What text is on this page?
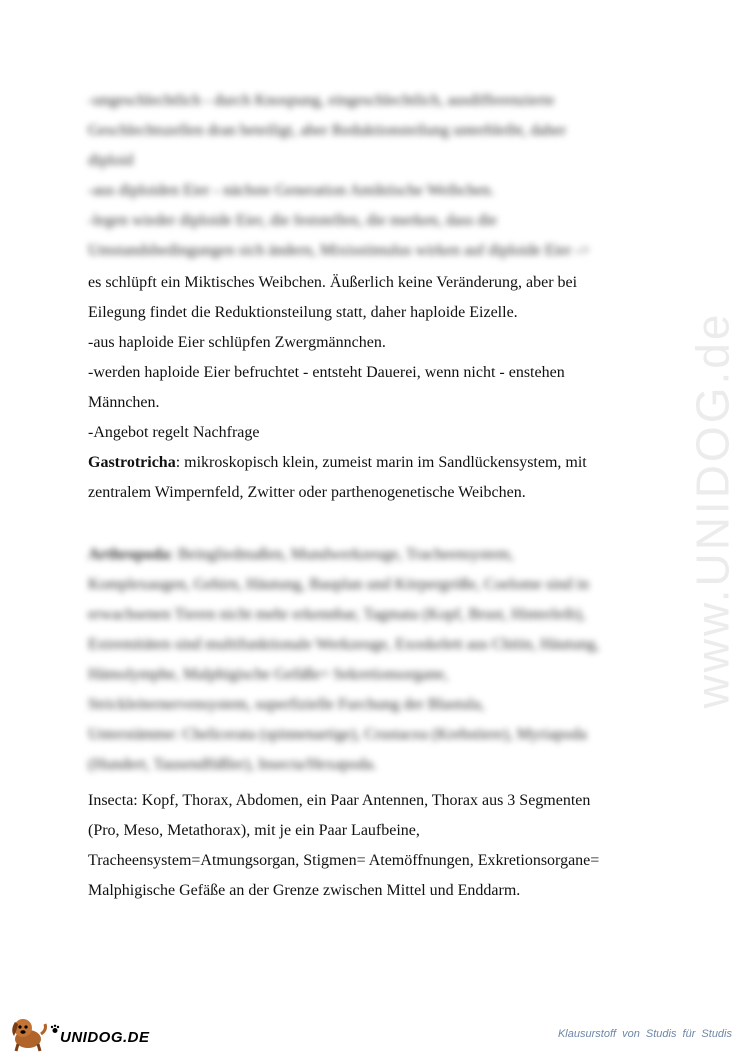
-ungeschlechtlich - durch Knospung, eingeschlechtlich, ausdifferenzierte
Geschlechtszellen dran beteiligt, aber Reduktionsteilung unterbleibt, daher
diploid
-aus diploiden Eier - nächste Generation Amiktische Weibchen.
-legen wieder diploide Eier, die feststellen, die merken, dass die
Umstandsbedingungen sich ändern, Mixisstimulus wirken auf diploide Eier ->
es schlüpft ein Miktisches Weibchen. Äußerlich keine Veränderung, aber bei
Eilegung findet die Reduktionsteilung statt, daher haploide Eizelle.
-aus haploide Eier schlüpfen Zwergmännchen.
-werden haploide Eier befruchtet - entsteht Dauerei, wenn nicht - enstehen
Männchen.
-Angebot regelt Nachfrage
Gastrotricha: mikroskopisch klein, zumeist marin im Sandlückensystem, mit
zentralem Wimpernfeld, Zwitter oder parthenogenetische Weibchen.
Arthropoda: Beingliedmaßen, Mundwerkzeuge, Tracheensystem,
Komplexaugen, Gehirn, Häutung, Bauplan und Körpergröße, Coelome sind in
erwachsenen Tieren nicht mehr erkennbar, Tagmata (Kopf, Brust, Hinterleib),
Extremitäten sind multifunktionale Werkzeuge, Exoskelett aus Chitin, Häutung,
Hämolymphe, Malphigische Gefäße= Sekretionsorgane,
Strickleiternervensystem, superfizielle Furchung der Blastula,
Unterstämme: Chelicerata (spinnenartige), Crustacea (Krebstiere), Myriapoda
(Hundert, Tausendfüßler), Insecta/Hexapoda.
Insecta: Kopf, Thorax, Abdomen, ein Paar Antennen, Thorax aus 3 Segmenten
(Pro, Meso, Metathorax), mit je ein Paar Laufbeine,
Tracheensystem=Atmungsorgan, Stigmen= Atemöffnungen, Exkretionsorgane=
Malphigische Gefäße an der Grenze zwischen Mittel und Enddarm.
www.UNIDOG.de
UNIDOG.DE	Klausurstoff von Studis für Studis
